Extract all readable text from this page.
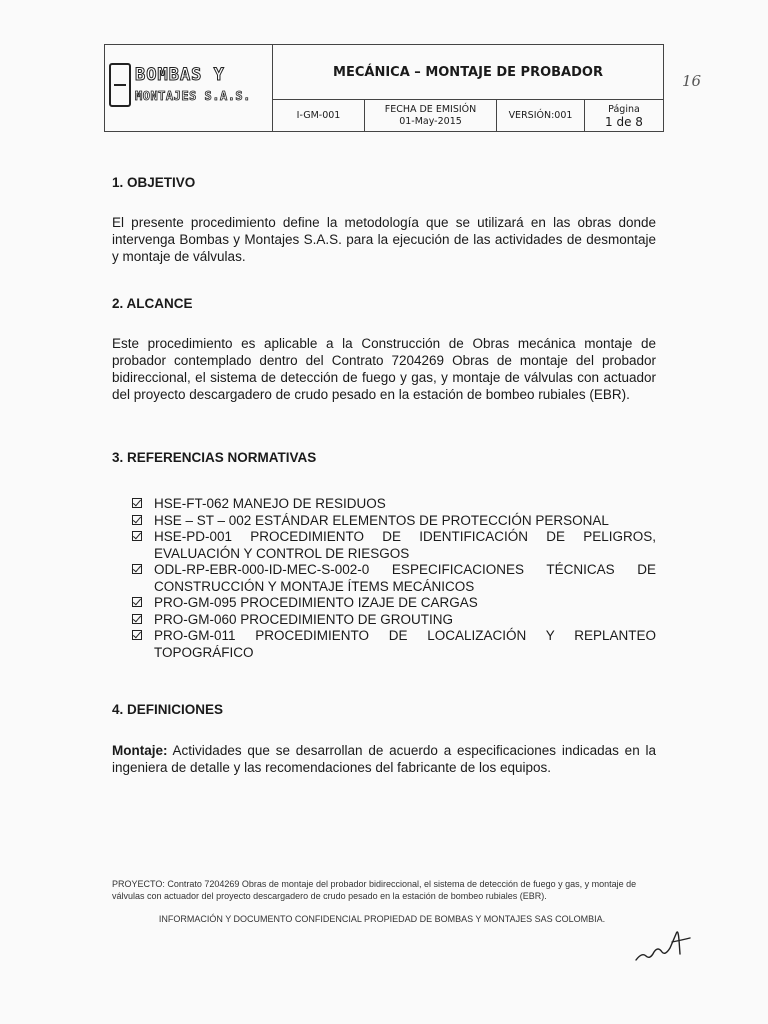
BOMBAS Y
MONTAJES S.A.S.
MECÁNICA – MONTAJE DE PROBADOR
I-GM-001
FECHA DE EMISIÓN
01-May-2015
VERSIÓN:001
Página
1 de 8
16
1. OBJETIVO
El presente procedimiento define la metodología que se utilizará en las obras donde intervenga Bombas y Montajes S.A.S. para la ejecución de las actividades de desmontaje y montaje de válvulas.
2. ALCANCE
Este procedimiento es aplicable a la Construcción de Obras mecánica montaje de probador contemplado dentro del Contrato 7204269 Obras de montaje del probador bidireccional, el sistema de detección de fuego y gas, y montaje de válvulas con actuador del proyecto descargadero de crudo pesado en la estación de bombeo rubiales (EBR).
3. REFERENCIAS NORMATIVAS
HSE-FT-062 MANEJO DE RESIDUOS
HSE – ST – 002 ESTÁNDAR ELEMENTOS DE PROTECCIÓN PERSONAL
HSE-PD-001 PROCEDIMIENTO DE IDENTIFICACIÓN DE PELIGROS, EVALUACIÓN Y CONTROL DE RIESGOS
ODL-RP-EBR-000-ID-MEC-S-002-0 ESPECIFICACIONES TÉCNICAS DE CONSTRUCCIÓN Y MONTAJE ÍTEMS MECÁNICOS
PRO-GM-095 PROCEDIMIENTO IZAJE DE CARGAS
PRO-GM-060 PROCEDIMIENTO DE GROUTING
PRO-GM-011 PROCEDIMIENTO DE LOCALIZACIÓN Y REPLANTEO TOPOGRÁFICO
4. DEFINICIONES
Montaje: Actividades que se desarrollan de acuerdo a especificaciones indicadas en la ingeniera de detalle y las recomendaciones del fabricante de los equipos.
PROYECTO: Contrato 7204269 Obras de montaje del probador bidireccional, el sistema de detección de fuego y gas, y montaje de válvulas con actuador del proyecto descargadero de crudo pesado en la estación de bombeo rubiales (EBR).
INFORMACIÓN Y DOCUMENTO CONFIDENCIAL PROPIEDAD DE BOMBAS Y MONTAJES SAS COLOMBIA.
